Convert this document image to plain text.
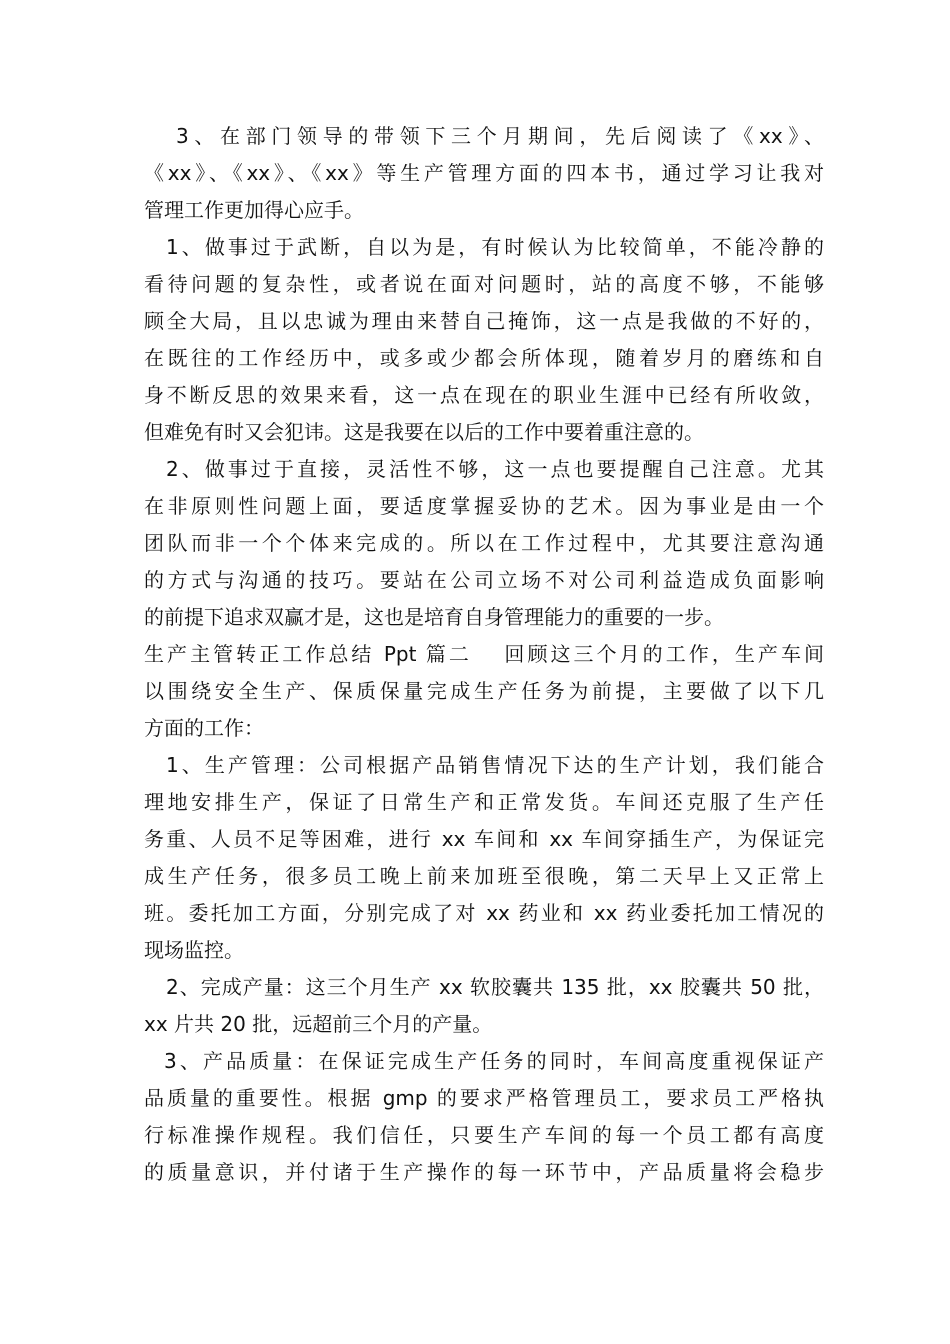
3、在部门领导的带领下三个月期间，先后阅读了《xx》、
《xx》、《xx》、《xx》等生产管理方面的四本书，通过学习让我对
管理工作更加得心应手。
1、做事过于武断，自以为是，有时候认为比较简单，不能冷静的
看待问题的复杂性，或者说在面对问题时，站的高度不够，不能够
顾全大局，且以忠诚为理由来替自己掩饰，这一点是我做的不好的，
在既往的工作经历中，或多或少都会所体现，随着岁月的磨练和自
身不断反思的效果来看，这一点在现在的职业生涯中已经有所收敛，
但难免有时又会犯讳。这是我要在以后的工作中要着重注意的。
2、做事过于直接，灵活性不够，这一点也要提醒自己注意。尤其
在非原则性问题上面，要适度掌握妥协的艺术。因为事业是由一个
团队而非一个个体来完成的。所以在工作过程中，尤其要注意沟通
的方式与沟通的技巧。要站在公司立场不对公司利益造成负面影响
的前提下追求双赢才是，这也是培育自身管理能力的重要的一步。
生产主管转正工作总结 Ppt 篇二　 回顾这三个月的工作，生产车间
以围绕安全生产、保质保量完成生产任务为前提，主要做了以下几
方面的工作：
1、生产管理：公司根据产品销售情况下达的生产计划，我们能合
理地安排生产，保证了日常生产和正常发货。车间还克服了生产任
务重、人员不足等困难，进行 xx 车间和 xx 车间穿插生产，为保证完
成生产任务，很多员工晚上前来加班至很晚，第二天早上又正常上
班。委托加工方面，分别完成了对 xx 药业和 xx 药业委托加工情况的
现场监控。
2、完成产量：这三个月生产 xx 软胶囊共 135 批，xx 胶囊共 50 批，
xx 片共 20 批，远超前三个月的产量。
3、产品质量：在保证完成生产任务的同时，车间高度重视保证产
品质量的重要性。根据 gmp 的要求严格管理员工，要求员工严格执
行标准操作规程。我们信任，只要生产车间的每一个员工都有高度
的质量意识，并付诸于生产操作的每一环节中，产品质量将会稳步
